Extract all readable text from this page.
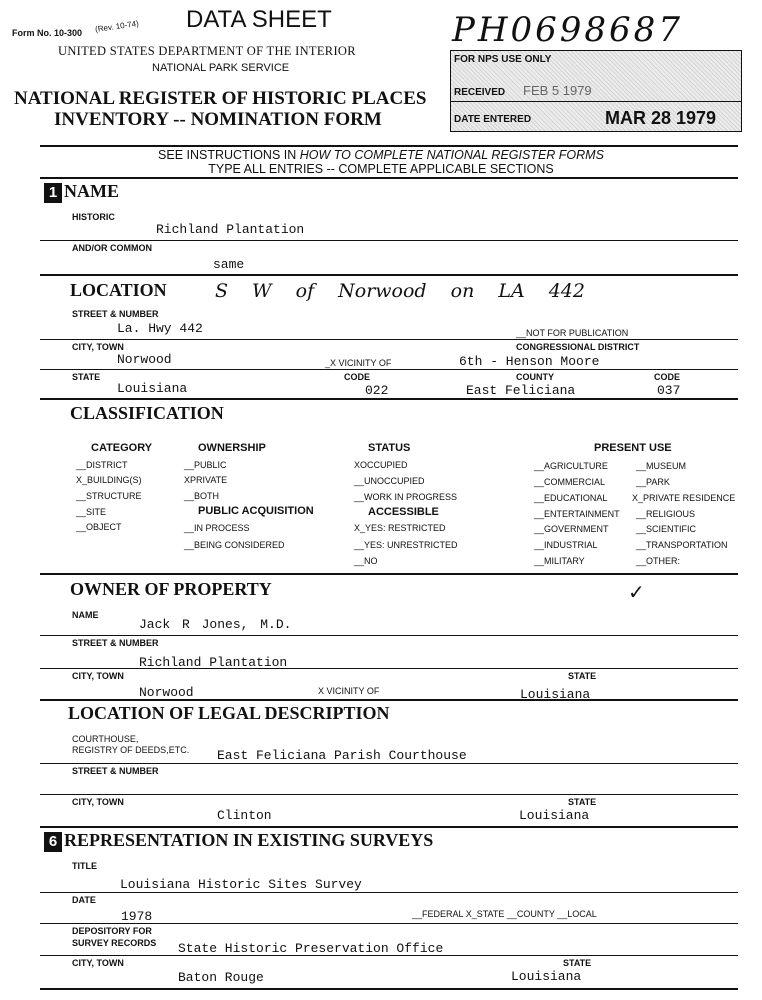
Form No. 10-300 (Rev. 10-74) DATA SHEET	PH0698687
UNITED STATES DEPARTMENT OF THE INTERIOR
NATIONAL PARK SERVICE
NATIONAL REGISTER OF HISTORIC PLACES
INVENTORY -- NOMINATION FORM
FOR NPS USE ONLY
RECEIVED FEB 5 1979
DATE ENTERED	MAR 28 1979
SEE INSTRUCTIONS IN HOW TO COMPLETE NATIONAL REGISTER FORMS
TYPE ALL ENTRIES -- COMPLETE APPLICABLE SECTIONS
1 NAME
HISTORIC
Richland Plantation
AND/OR COMMON
same
LOCATION	S W of Norwood on LA 442
STREET & NUMBER
La. Hwy 442	__NOT FOR PUBLICATION
CITY, TOWN	CONGRESSIONAL DISTRICT
Norwood	_X VICINITY OF	6th - Henson Moore
STATE	CODE	COUNTY	CODE
Louisiana	022	East Feliciana	037
CLASSIFICATION
CATEGORY
__DISTRICT
X_BUILDING(S)
__STRUCTURE
__SITE
__OBJECT
OWNERSHIP
__PUBLIC
XPRIVATE
__BOTH
PUBLIC ACQUISITION
__IN PROCESS
__BEING CONSIDERED
STATUS
XOCCUPIED
__UNOCCUPIED
__WORK IN PROGRESS
ACCESSIBLE
X_YES: RESTRICTED
__YES: UNRESTRICTED
__NO
PRESENT USE
__AGRICULTURE
__COMMERCIAL
__EDUCATIONAL
__ENTERTAINMENT
__GOVERNMENT
__INDUSTRIAL
__MILITARY
__MUSEUM
__PARK
X_PRIVATE RESIDENCE
__RELIGIOUS
__SCIENTIFIC
__TRANSPORTATION
__OTHER:
OWNER OF PROPERTY	✓
NAME
Jack R Jones, M.D.
STREET & NUMBER
Richland Plantation
CITY, TOWN	STATE
Norwood	X VICINITY OF	Louisiana
LOCATION OF LEGAL DESCRIPTION
COURTHOUSE,
REGISTRY OF DEEDS,ETC. East Feliciana Parish Courthouse
STREET & NUMBER
CITY, TOWN	STATE
Clinton	Louisiana
6 REPRESENTATION IN EXISTING SURVEYS
TITLE
Louisiana Historic Sites Survey
DATE
1978	__FEDERAL X_STATE __COUNTY __LOCAL
DEPOSITORY FOR
SURVEY RECORDS State Historic Preservation Office
CITY, TOWN	STATE
Baton Rouge	Louisiana
